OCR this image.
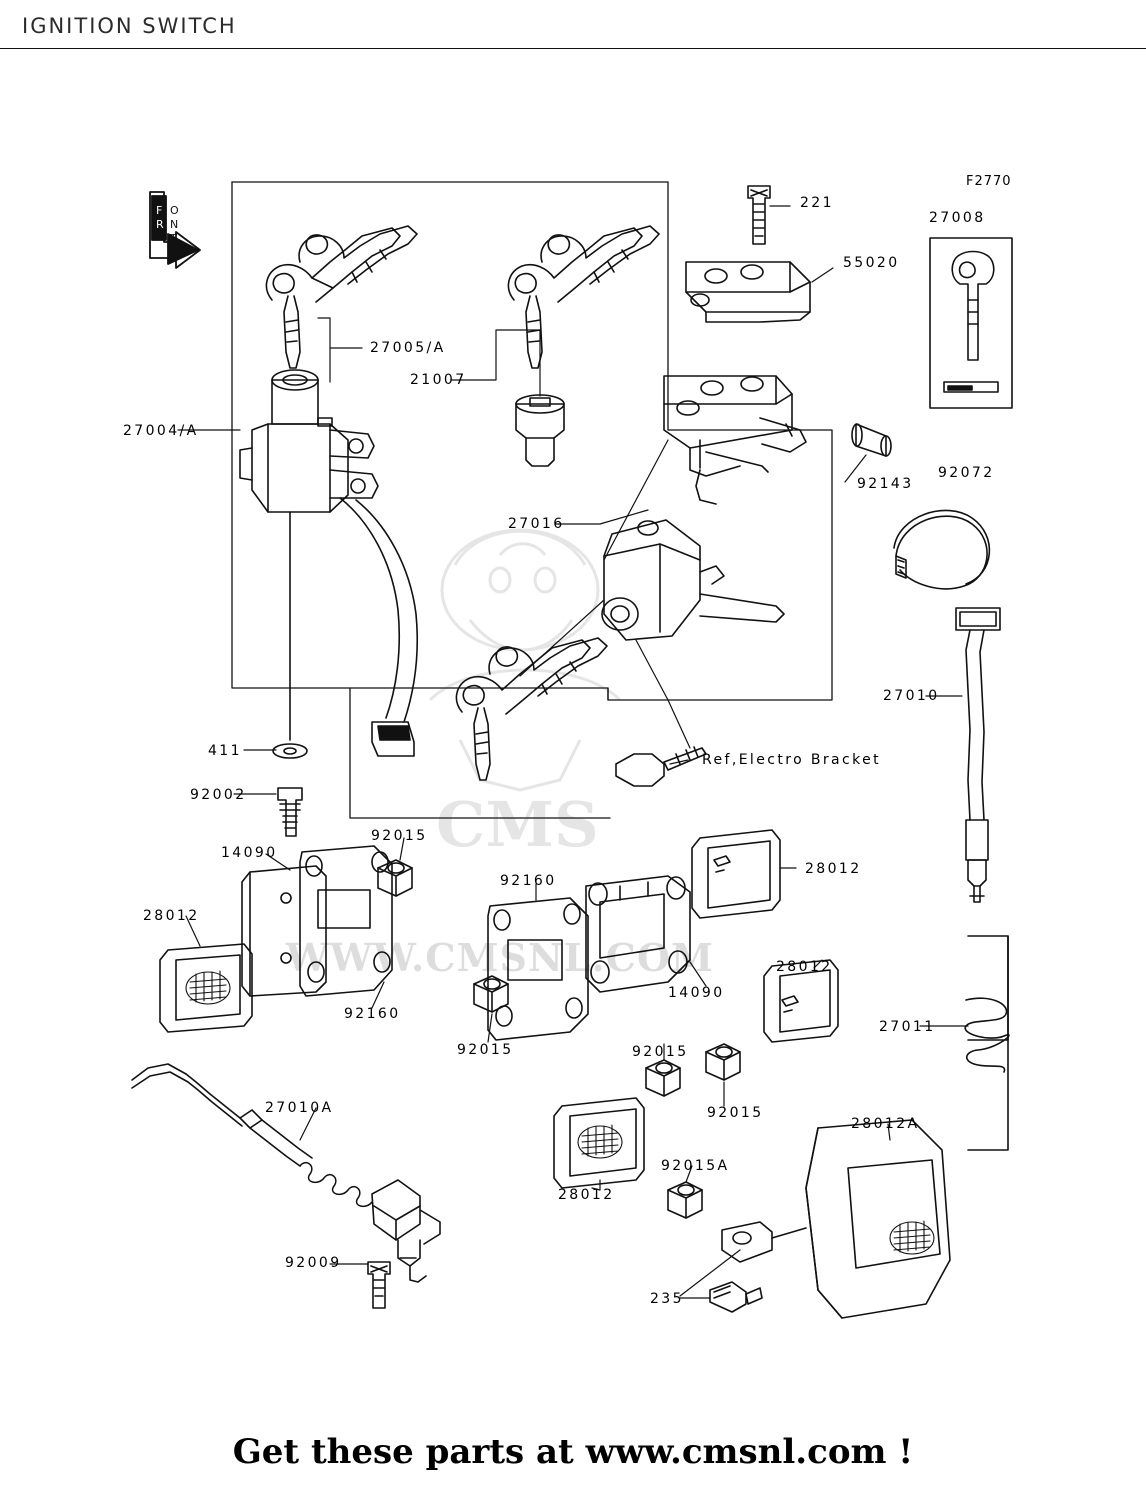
IGNITION SWITCH
F2770
F
R
O
N
T
CMS
WWW.CMSNL.COM
221
27008
55020
27005/A
21007
27004/A
92143
92072
27016
27010
411
Ref,Electro Bracket
92002
92015
14090
28012
92160
28012
92160
14090
28012
27011
92015	92015
92015
27010A
28012A
92015A
28012
92009
235
Get these parts at www.cmsnl.com !
